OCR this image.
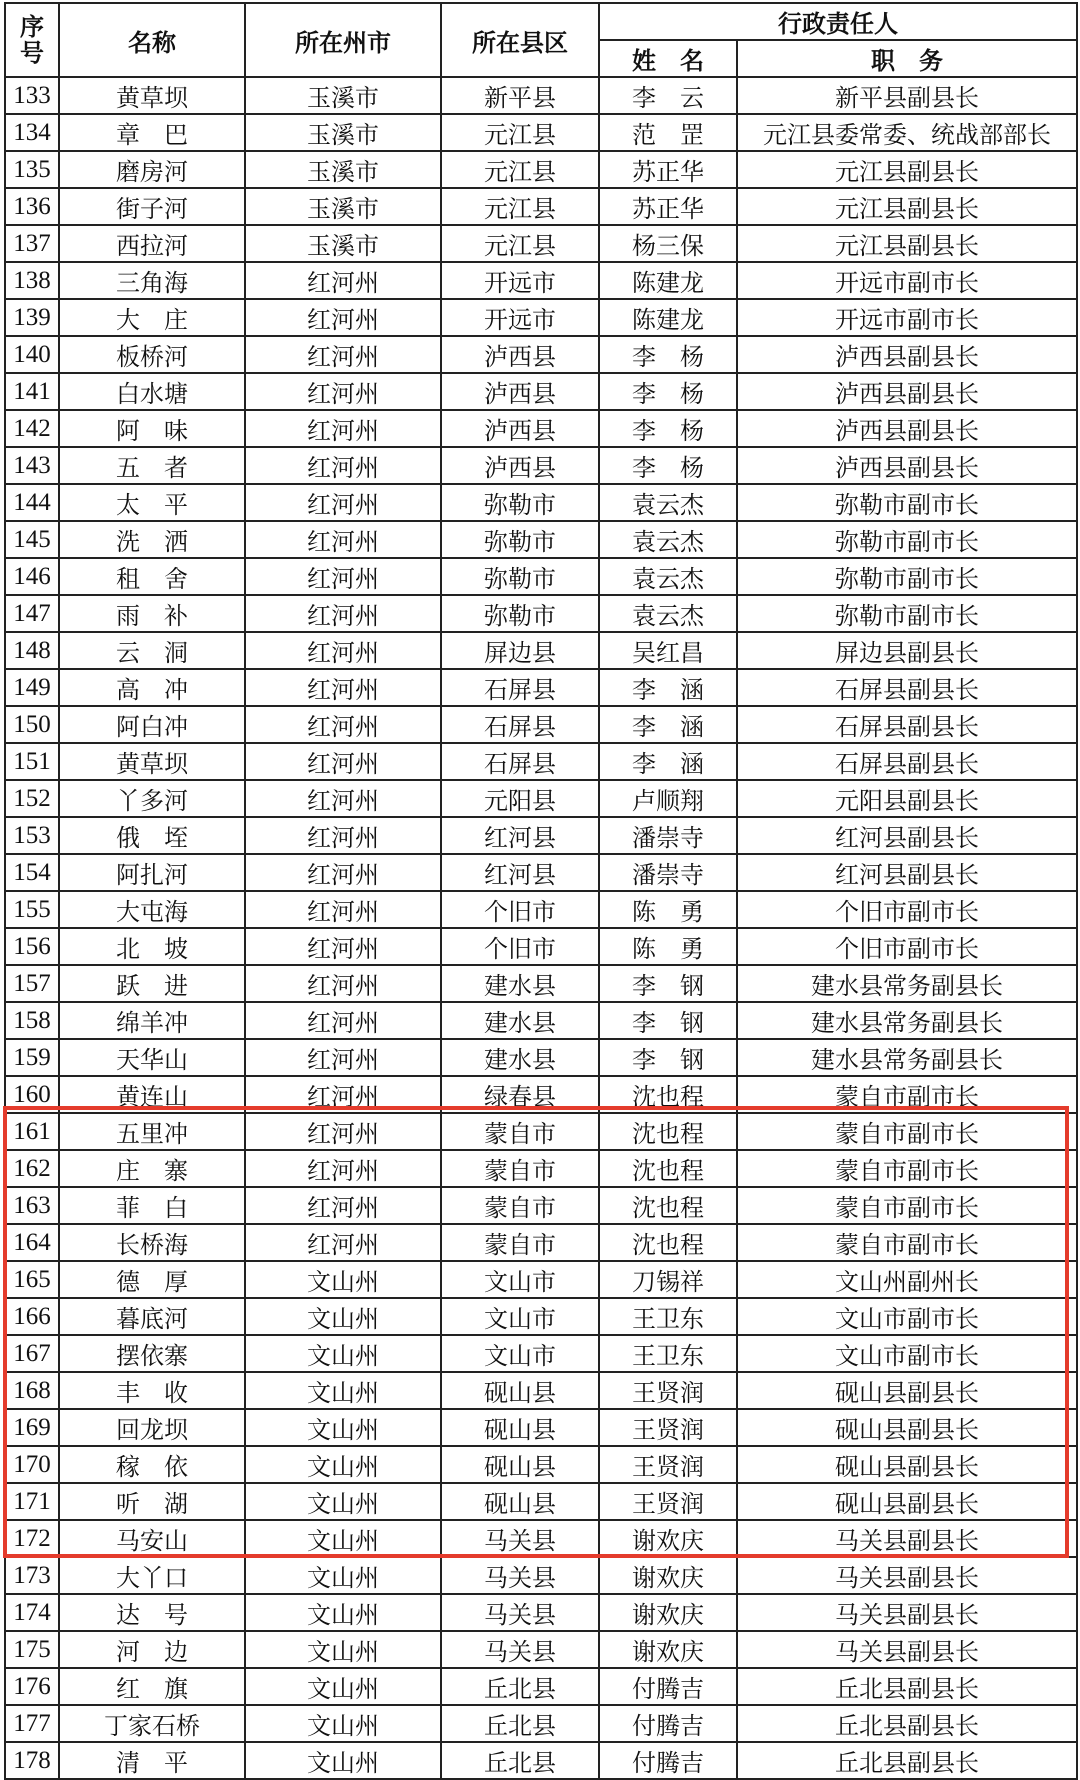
序
号	名称	所在州市	所在县区	行政责任人	
				姓　名	职　务
133	黄草坝	玉溪市	新平县	李　云	新平县副县长
134	章　巴	玉溪市	元江县	范　罡	元江县委常委、统战部部长
135	磨房河	玉溪市	元江县	苏正华	元江县副县长
136	街子河	玉溪市	元江县	苏正华	元江县副县长
137	西拉河	玉溪市	元江县	杨三保	元江县副县长
138	三角海	红河州	开远市	陈建龙	开远市副市长
139	大　庄	红河州	开远市	陈建龙	开远市副市长
140	板桥河	红河州	泸西县	李　杨	泸西县副县长
141	白水塘	红河州	泸西县	李　杨	泸西县副县长
142	阿　味	红河州	泸西县	李　杨	泸西县副县长
143	五　者	红河州	泸西县	李　杨	泸西县副县长
144	太　平	红河州	弥勒市	袁云杰	弥勒市副市长
145	洗　洒	红河州	弥勒市	袁云杰	弥勒市副市长
146	租　舍	红河州	弥勒市	袁云杰	弥勒市副市长
147	雨　补	红河州	弥勒市	袁云杰	弥勒市副市长
148	云　洞	红河州	屏边县	吴红昌	屏边县副县长
149	高　冲	红河州	石屏县	李　涵	石屏县副县长
150	阿白冲	红河州	石屏县	李　涵	石屏县副县长
151	黄草坝	红河州	石屏县	李　涵	石屏县副县长
152	丫多河	红河州	元阳县	卢顺翔	元阳县副县长
153	俄　垤	红河州	红河县	潘崇寺	红河县副县长
154	阿扎河	红河州	红河县	潘崇寺	红河县副县长
155	大屯海	红河州	个旧市	陈　勇	个旧市副市长
156	北　坡	红河州	个旧市	陈　勇	个旧市副市长
157	跃　进	红河州	建水县	李　钢	建水县常务副县长
158	绵羊冲	红河州	建水县	李　钢	建水县常务副县长
159	天华山	红河州	建水县	李　钢	建水县常务副县长
160	黄连山	红河州	绿春县	沈也程	蒙自市副市长
161	五里冲	红河州	蒙自市	沈也程	蒙自市副市长
162	庄　寨	红河州	蒙自市	沈也程	蒙自市副市长
163	菲　白	红河州	蒙自市	沈也程	蒙自市副市长
164	长桥海	红河州	蒙自市	沈也程	蒙自市副市长
165	德　厚	文山州	文山市	刀锡祥	文山州副州长
166	暮底河	文山州	文山市	王卫东	文山市副市长
167	摆依寨	文山州	文山市	王卫东	文山市副市长
168	丰　收	文山州	砚山县	王贤润	砚山县副县长
169	回龙坝	文山州	砚山县	王贤润	砚山县副县长
170	稼　依	文山州	砚山县	王贤润	砚山县副县长
171	听　湖	文山州	砚山县	王贤润	砚山县副县长
172	马安山	文山州	马关县	谢欢庆	马关县副县长
173	大丫口	文山州	马关县	谢欢庆	马关县副县长
174	达　号	文山州	马关县	谢欢庆	马关县副县长
175	河　边	文山州	马关县	谢欢庆	马关县副县长
176	红　旗	文山州	丘北县	付腾吉	丘北县副县长
177	丁家石桥	文山州	丘北县	付腾吉	丘北县副县长
178	清　平	文山州	丘北县	付腾吉	丘北县副县长
